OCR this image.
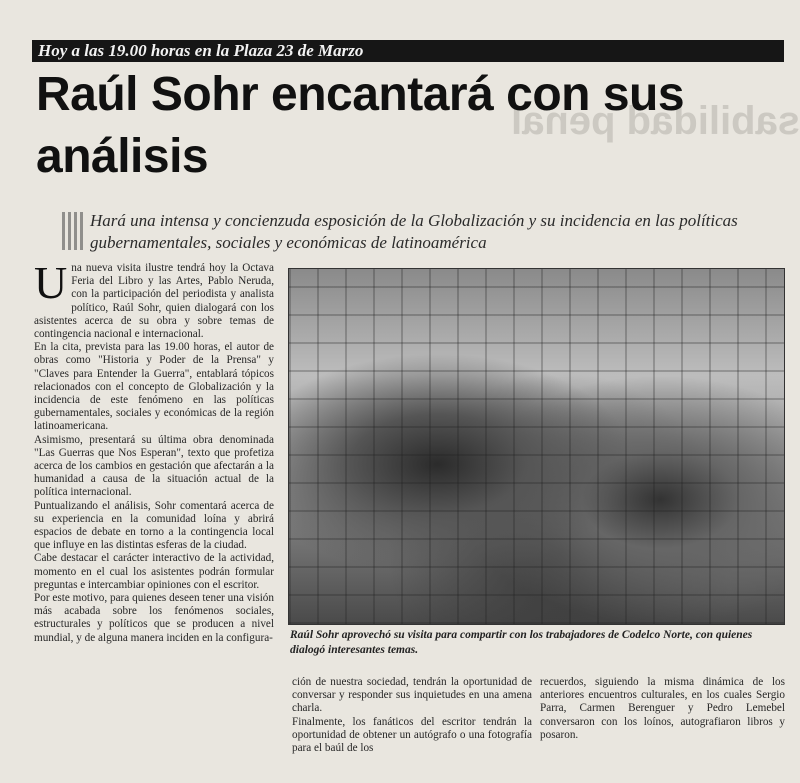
sabilidad penal
Hoy a las 19.00 horas en la Plaza 23 de Marzo
Raúl Sohr encantará con sus análisis
Hará una intensa y concienzuda esposición de la Globalización y su incidencia en las políticas gubernamentales, sociales y económicas de latinoamérica
U na nueva visita ilustre tendrá hoy la Octava Feria del Libro y las Artes, Pablo Neruda, con la participación del periodista y analista político, Raúl Sohr, quien dialogará con los asistentes acerca de su obra y sobre temas de contingencia nacional e internacional.

En la cita, prevista para las 19.00 horas, el autor de obras como "Historia y Poder de la Prensa" y "Claves para Entender la Guerra", entablará tópicos relacionados con el concepto de Globalización y la incidencia de este fenómeno en las políticas gubernamentales, sociales y económicas de la región latinoamericana.

Asimismo, presentará su última obra denominada "Las Guerras que Nos Esperan", texto que profetiza acerca de los cambios en gestación que afectarán a la humanidad a causa de la situación actual de la política internacional.

Puntualizando el análisis, Sohr comentará acerca de su experiencia en la comunidad loína y abrirá espacios de debate en torno a la contingencia local que influye en las distintas esferas de la ciudad.

Cabe destacar el carácter interactivo de la actividad, momento en el cual los asistentes podrán formular preguntas e intercambiar opiniones con el escritor.

Por este motivo, para quienes deseen tener una visión más acabada sobre los fenómenos sociales, estructurales y políticos que se producen a nivel mundial, y de alguna manera inciden en la configura- Raúl Sohr aprovechó su visita para compartir con los trabajadores de Codelco Norte, con quienes dialogó interesantes temas.

ción de nuestra sociedad, tendrán la oportunidad de conversar y responder sus inquietudes en una amena charla.

Finalmente, los fanáticos del escritor tendrán la oportunidad de obtener un autógrafo o una fotografía para el baúl de los

recuerdos, siguiendo la misma dinámica de los anteriores encuentros culturales, en los cuales Sergio Parra, Carmen Berenguer y Pedro Lemebel conversaron con los loínos, autografiaron libros y posaron.
